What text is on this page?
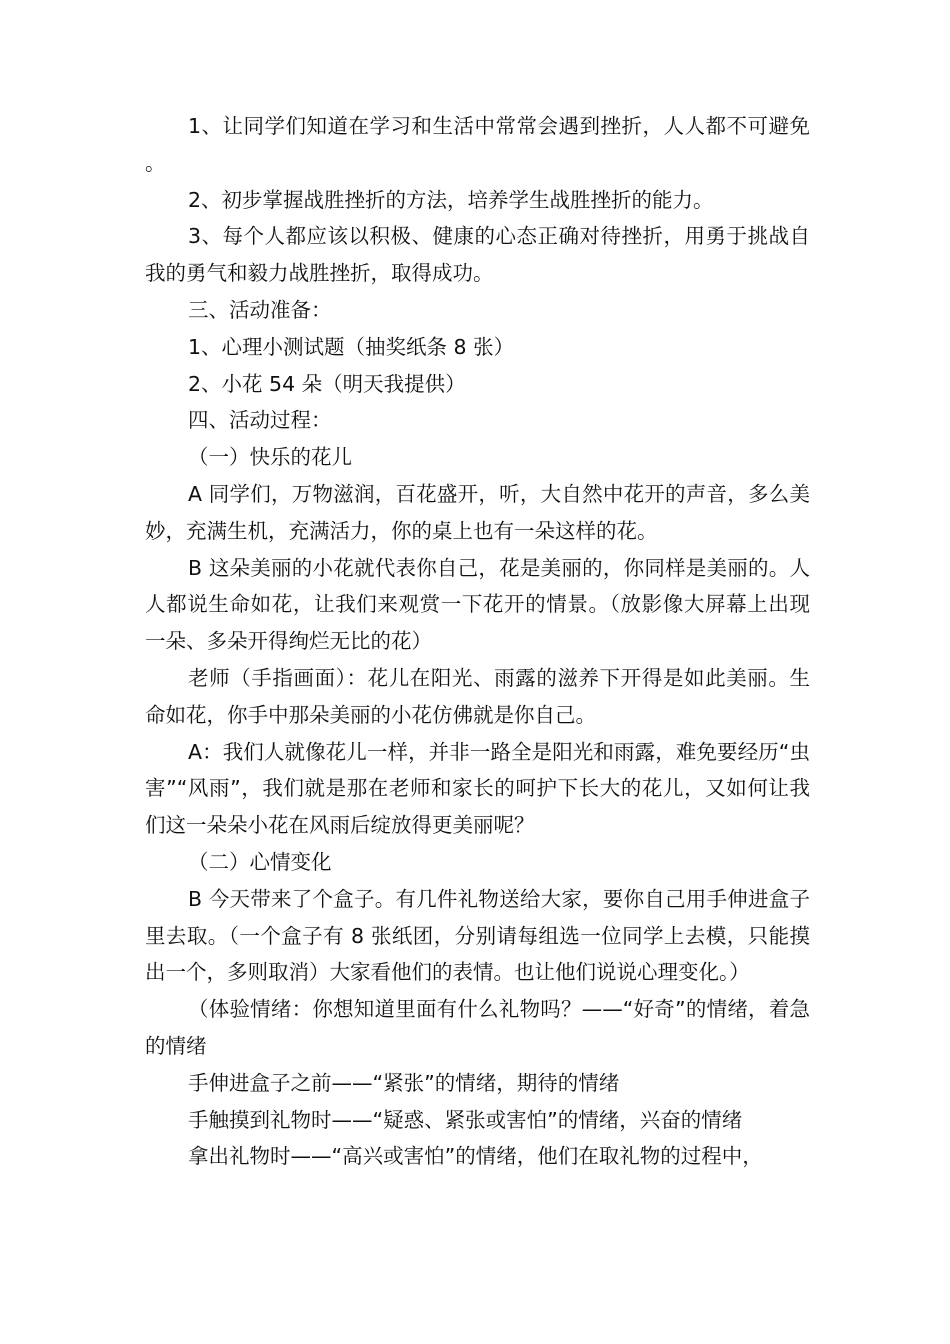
1、让同学们知道在学习和生活中常常会遇到挫折，人人都不可避免。

2、初步掌握战胜挫折的方法，培养学生战胜挫折的能力。

3、每个人都应该以积极、健康的心态正确对待挫折，用勇于挑战自我的勇气和毅力战胜挫折，取得成功。

三、活动准备：

1、心理小测试题（抽奖纸条 8 张）

2、小花 54 朵（明天我提供）

四、活动过程：

（一）快乐的花儿

A 同学们，万物滋润，百花盛开，听，大自然中花开的声音，多么美妙，充满生机，充满活力，你的桌上也有一朵这样的花。

B 这朵美丽的小花就代表你自己，花是美丽的，你同样是美丽的。人人都说生命如花，让我们来观赏一下花开的情景。（放影像大屏幕上出现一朵、多朵开得绚烂无比的花）

老师（手指画面）：花儿在阳光、雨露的滋养下开得是如此美丽。生命如花，你手中那朵美丽的小花仿佛就是你自己。

A：我们人就像花儿一样，并非一路全是阳光和雨露，难免要经历“虫害”“风雨”，我们就是那在老师和家长的呵护下长大的花儿，又如何让我们这一朵朵小花在风雨后绽放得更美丽呢？

（二）心情变化

B 今天带来了个盒子。有几件礼物送给大家，要你自己用手伸进盒子里去取。（一个盒子有 8 张纸团，分别请每组选一位同学上去模，只能摸出一个，多则取消）大家看他们的表情。也让他们说说心理变化。）

（体验情绪：你想知道里面有什么礼物吗？——“好奇”的情绪，着急的情绪

手伸进盒子之前——“紧张”的情绪，期待的情绪

手触摸到礼物时——“疑惑、紧张或害怕”的情绪，兴奋的情绪

拿出礼物时——“高兴或害怕”的情绪，他们在取礼物的过程中，
